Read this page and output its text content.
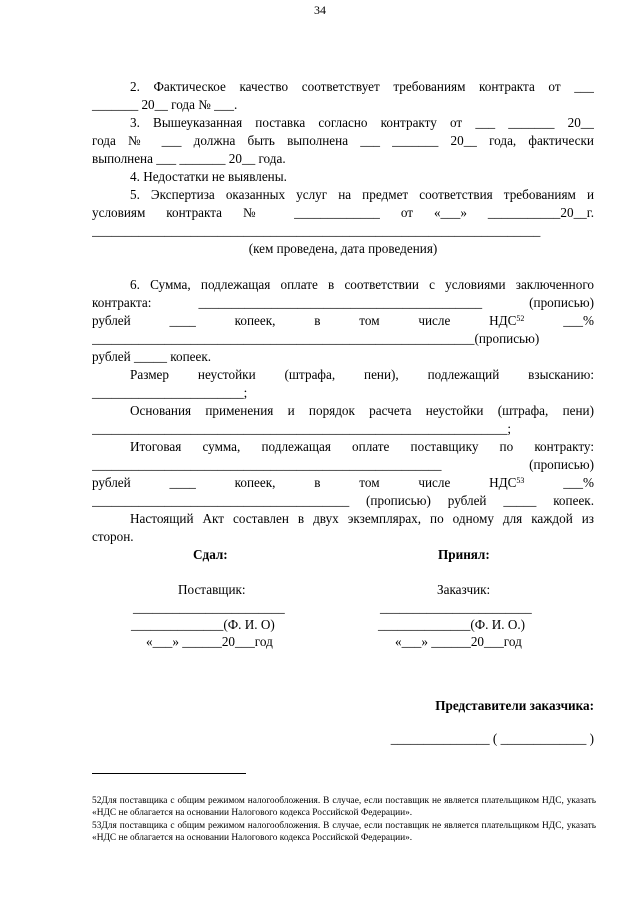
34
2. Фактическое качество соответствует требованиям контракта от ___
_______ 20__ года № ___.
3. Вышеуказанная поставка согласно контракту от ___ _______ 20__
года № ___ должна быть выполнена ___ _______ 20__ года, фактически
выполнена ___ _______ 20__ года.
4. Недостатки не выявлены.
5. Экспертиза оказанных услуг на предмет соответствия требованиям и
условиям контракта № _____________ от «___» ___________20__г.
____________________________________________________________________
(кем проведена, дата проведения)
6. Сумма, подлежащая оплате в соответствии с условиями заключенного
контракта: ___________________________________________ (прописью)
рублей ____ копеек, в том числе НДС$^{52}$ ___%
__________________________________________________________(прописью)
рублей _____ копеек.
Размер неустойки (штрафа, пени), подлежащий взысканию:
_______________________;
Основания применения и порядок расчета неустойки (штрафа, пени)
_______________________________________________________________;
Итоговая сумма, подлежащая оплате поставщику по контракту:
_____________________________________________________ (прописью)
рублей ____ копеек, в том числе НДС$^{53}$ ___%
_______________________________________ (прописью) рублей _____ копеек.
Настоящий Акт составлен в двух экземплярах, по одному для каждой из
сторон.
Сдал:
Поставщик:
_______________________
______________(Ф. И. О)
«___» ______20___год
Принял:
Заказчик:
_______________________
______________(Ф. И. О.)
«___» ______20___год
Представители заказчика:
_______________ ( _____________ )
52Для поставщика с общим режимом налогообложения. В случае, если поставщик не является плательщиком НДС, указать «НДС не облагается на основании Налогового кодекса Российской Федерации».
53Для поставщика с общим режимом налогообложения. В случае, если поставщик не является плательщиком НДС, указать «НДС не облагается на основании Налогового кодекса Российской Федерации».
